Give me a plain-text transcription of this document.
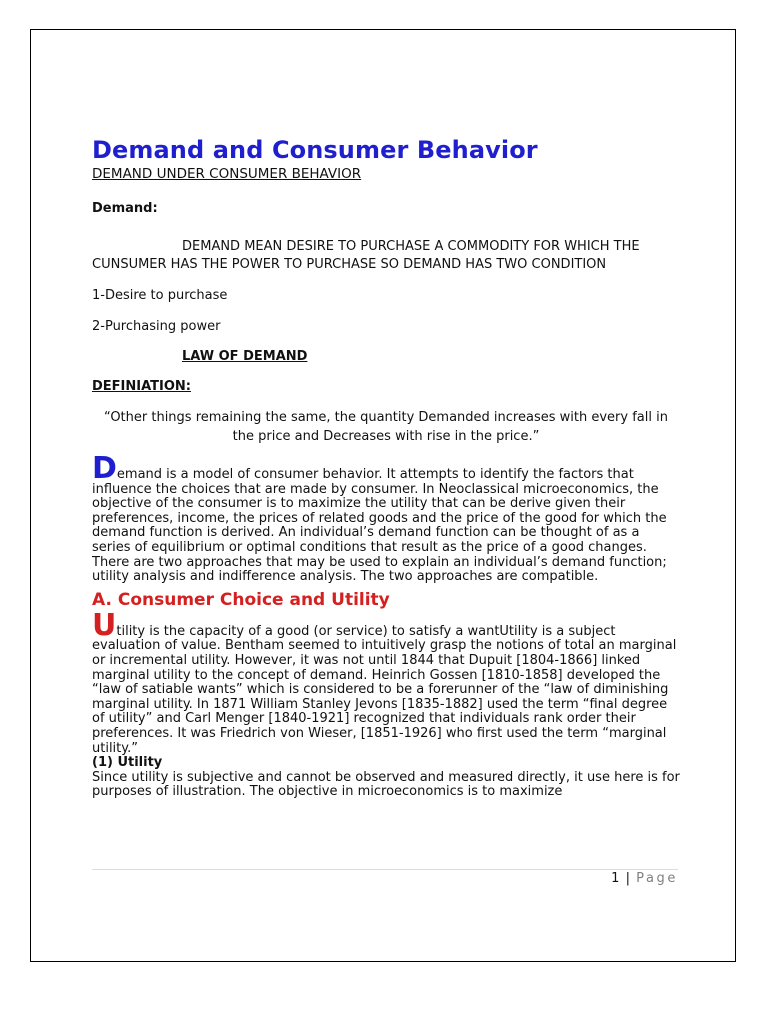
Demand and Consumer Behavior

DEMAND UNDER CONSUMER BEHAVIOR

Demand:

DEMAND MEAN DESIRE TO PURCHASE A COMMODITY FOR WHICH THE CUNSUMER HAS THE POWER TO PURCHASE SO DEMAND HAS TWO CONDITION

1-Desire to purchase

2-Purchasing power

LAW OF DEMAND

DEFINIATION:

“Other things remaining the same, the quantity Demanded increases with every fall in the price and Decreases with rise in the price.”

Demand is a model of consumer behavior. It attempts to identify the factors that influence the choices that are made by consumer. In Neoclassical microeconomics, the objective of the consumer is to maximize the utility that can be derive given their preferences, income, the prices of related goods and the price of the good for which the demand function is derived. An individual’s demand function can be thought of as a series of equilibrium or optimal conditions that result as the price of a good changes. There are two approaches that may be used to explain an individual’s demand function; utility analysis and indifference analysis. The two approaches are compatible.

A. Consumer Choice and Utility

Utility is the capacity of a good (or service) to satisfy a wantUtility is a subject evaluation of value. Bentham seemed to intuitively grasp the notions of total an marginal or incremental utility. However, it was not until 1844 that Dupuit [1804-1866] linked marginal utility to the concept of demand. Heinrich Gossen [1810-1858] developed the “law of satiable wants” which is considered to be a forerunner of the “law of diminishing marginal utility. In 1871 William Stanley Jevons [1835-1882] used the term “final degree of utility” and Carl Menger [1840-1921] recognized that individuals rank order their preferences. It was Friedrich von Wieser, [1851-1926] who first used the term “marginal utility.”

(1) Utility

Since utility is subjective and cannot be observed and measured directly, it use here is for purposes of illustration. The objective in microeconomics is to maximize

1 | Page
